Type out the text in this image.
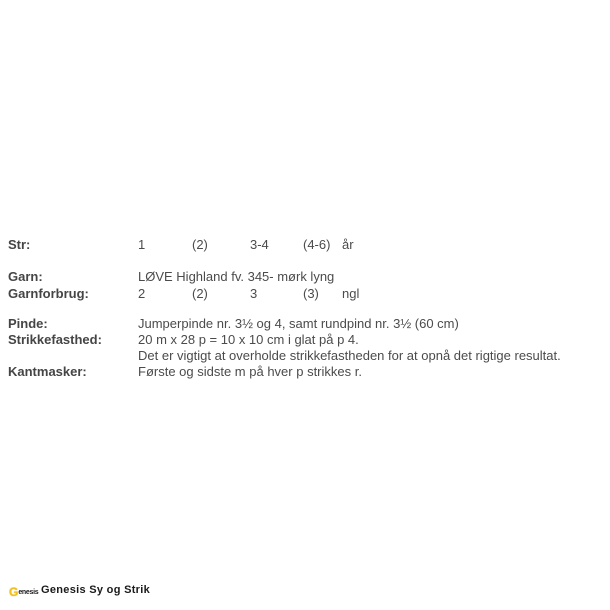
Str:	1	(2)	3-4	(4-6) år
Garn:	LØVE Highland fv. 345- mørk lyng
Garnforbrug:	2	(2)	3	(3) ngl
Pinde:	Jumperpinde nr. 3½ og 4, samt rundpind nr. 3½ (60 cm)
Strikkefasthed:	20 m x 28 p = 10 x 10 cm i glat på p 4.
Det er vigtigt at overholde strikkefastheden for at opnå det rigtige resultat.
Kantmasker:	Første og sidste m på hver p strikkes r.
Genesis Genesis Sy og Strik
